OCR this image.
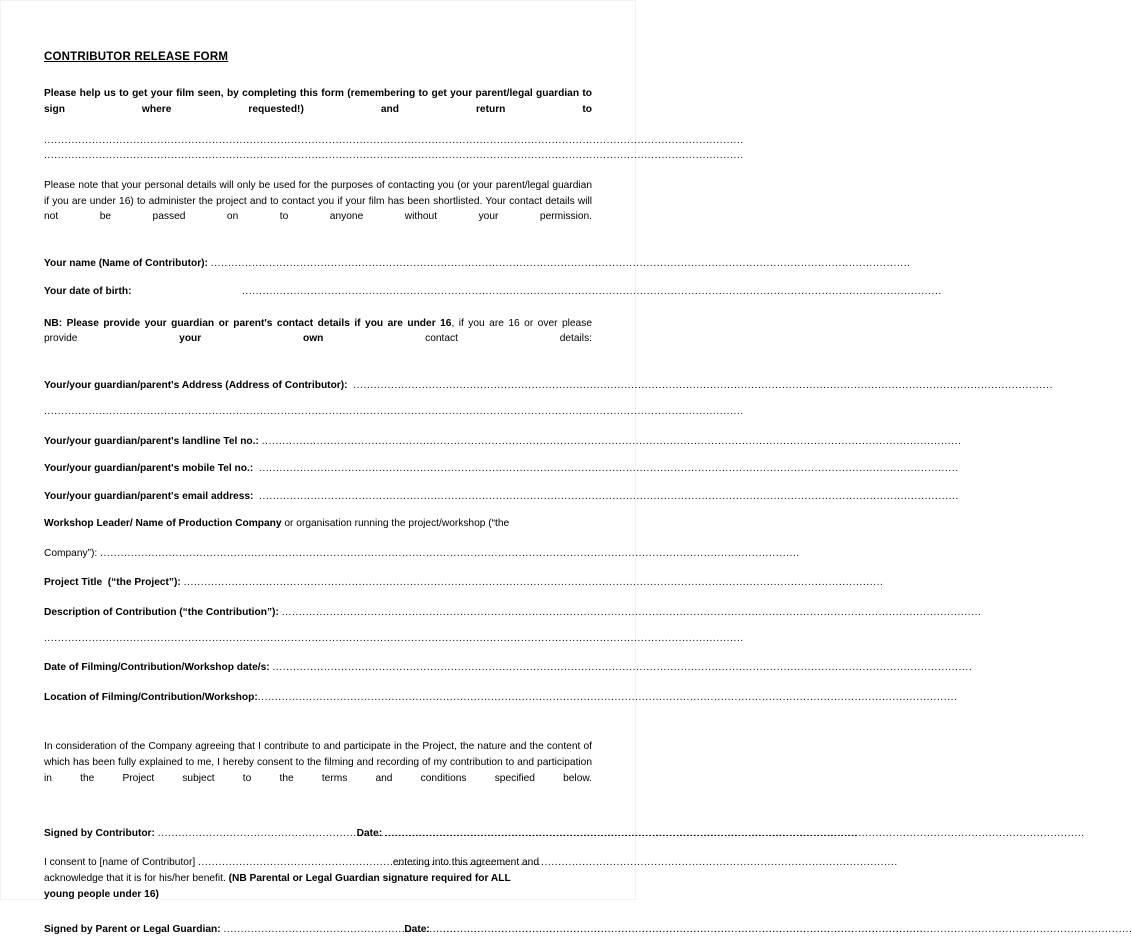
CONTRIBUTOR RELEASE FORM
Please help us to get your film seen, by completing this form (remembering to get your parent/legal guardian to sign where requested!) and return to
.....
.....
Please note that your personal details will only be used for the purposes of contacting you (or your parent/legal guardian if you are under 16) to administer the project and to contact you if your film has been shortlisted. Your contact details will not be passed on to anyone without your permission.
Your name (Name of Contributor):

.....
Your date of birth:
.....
NB: Please provide your guardian or parent's contact details if you are under 16, if you are 16 or over please provide your own contact details:
Your/your guardian/parent's Address (Address of Contributor):

.....
.....
Your/your guardian/parent's landline Tel no.:

.....
Your/your guardian/parent's mobile Tel no.:

.....
Your/your guardian/parent's email address:

.....
Workshop Leader/ Name of Production Company or organisation running the project/workshop (“the
Company”):

.....
Project Title  (“the Project”):

.....
Description of Contribution (“the Contribution”):

.....
.....
Date of Filming/Contribution/Workshop date/s:

.....
Location of Filming/Contribution/Workshop:
.....
In consideration of the Company agreeing that I contribute to and participate in the Project, the nature and the content of which has been fully explained to me, I hereby consent to the filming and recording of my contribution to and participation in the Project subject to the terms and conditions specified below.
Signed by Contributor:
.....
	Date:

.....
I consent to [name of Contributor] .....	entering into this agreement and
acknowledge that it is for his/her benefit. (NB Parental or Legal Guardian signature required for ALL
young people under 16)
Signed by Parent or Legal Guardian:
.....
	Date:

.....
